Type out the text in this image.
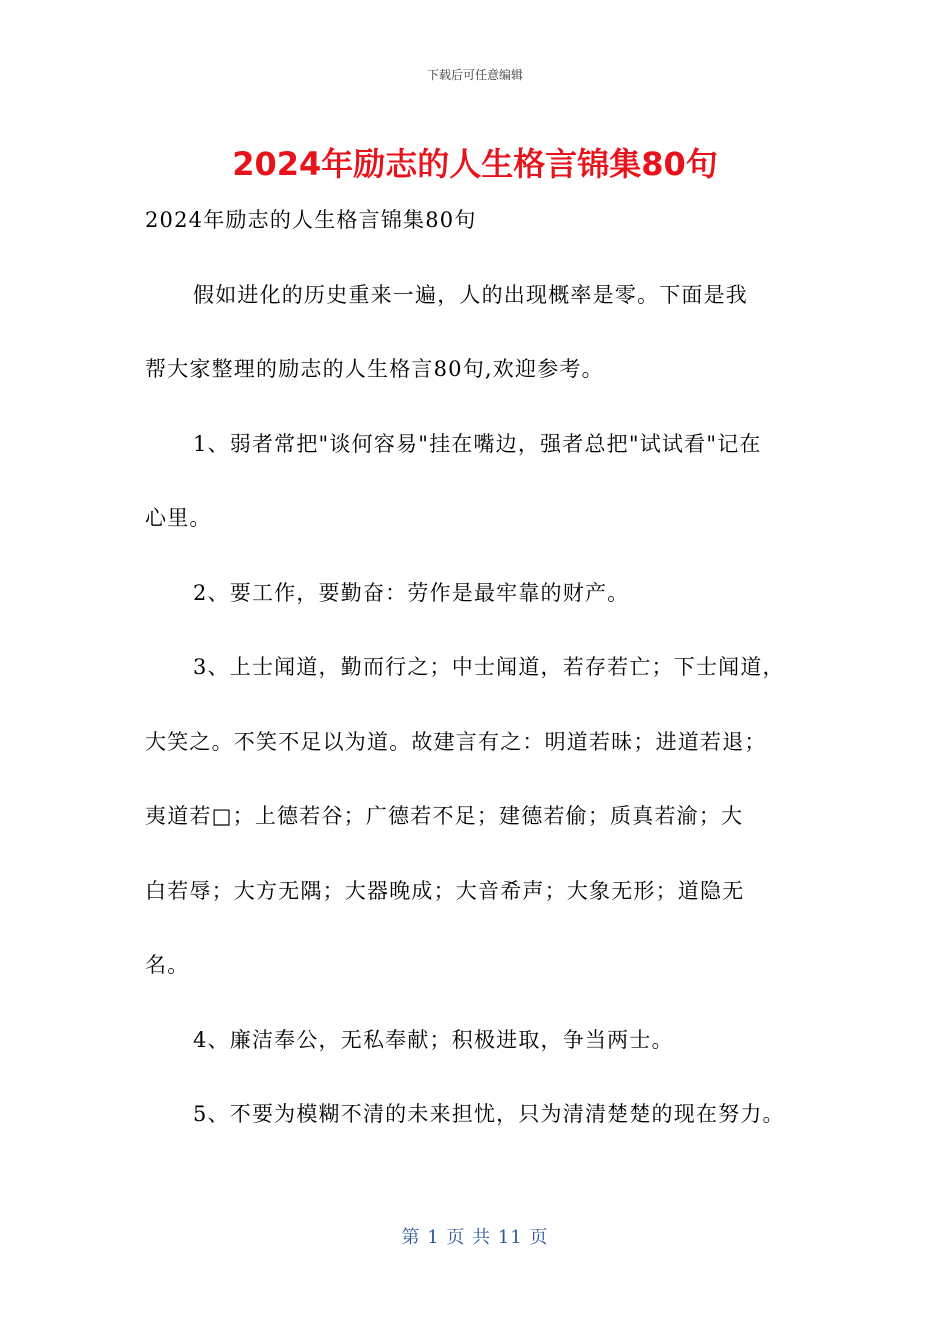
下载后可任意编辑
2024年励志的人生格言锦集80句
2024年励志的人生格言锦集80句
假如进化的历史重来一遍，人的出现概率是零。下面是我
帮大家整理的励志的人生格言80句,欢迎参考。
1、弱者常把"谈何容易"挂在嘴边，强者总把"试试看"记在
心里。
2、要工作，要勤奋：劳作是最牢靠的财产。
3、上士闻道，勤而行之；中士闻道，若存若亡；下士闻道，
大笑之。不笑不足以为道。故建言有之：明道若昧；进道若退；
夷道若□；上德若谷；广德若不足；建德若偷；质真若渝；大
白若辱；大方无隅；大器晚成；大音希声；大象无形；道隐无
名。
4、廉洁奉公，无私奉献；积极进取，争当两士。
5、不要为模糊不清的未来担忧，只为清清楚楚的现在努力。
第 1 页 共 11 页
